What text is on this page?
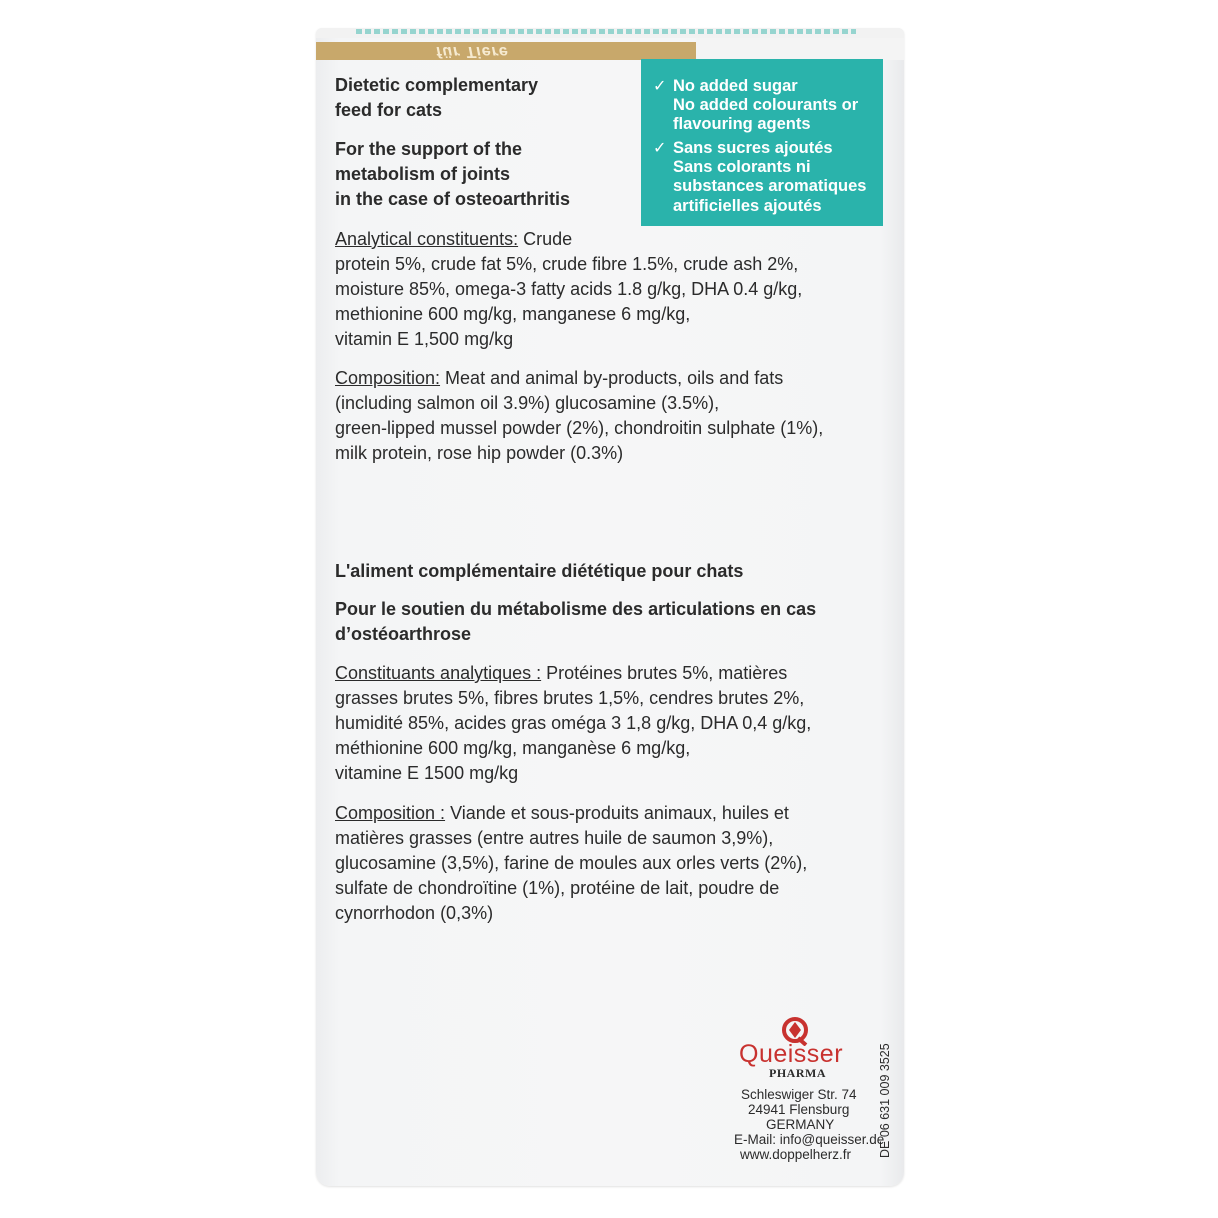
für Tiere
Dietetic complementary
feed for cats
For the support of the
metabolism of joints
in the case of osteoarthritis
✓ No added sugar
No added colourants or
flavouring agents
✓ Sans sucres ajoutés
Sans colorants ni
substances aromatiques
artificielles ajoutés
Analytical constituents: Crude
protein 5%, crude fat 5%, crude fibre 1.5%, crude ash 2%,
moisture 85%, omega-3 fatty acids 1.8 g/kg, DHA 0.4 g/kg,
methionine 600 mg/kg, manganese 6 mg/kg,
vitamin E 1,500 mg/kg
Composition: Meat and animal by-products, oils and fats
(including salmon oil 3.9%) glucosamine (3.5%),
green-lipped mussel powder (2%), chondroitin sulphate (1%),
milk protein, rose hip powder (0.3%)
L'aliment complémentaire diététique pour chats
Pour le soutien du métabolisme des articulations en cas
d’ostéoarthrose
Constituants analytiques : Protéines brutes 5%, matières
grasses brutes 5%, fibres brutes 1,5%, cendres brutes 2%,
humidité 85%, acides gras oméga 3 1,8 g/kg, DHA 0,4 g/kg,
méthionine 600 mg/kg, manganèse 6 mg/kg,
vitamine E 1500 mg/kg
Composition : Viande et sous-produits animaux, huiles et
matières grasses (entre autres huile de saumon 3,9%),
glucosamine (3,5%), farine de moules aux orles verts (2%),
sulfate de chondroïtine (1%), protéine de lait, poudre de
cynorrhodon (0,3%)
Queisser
PHARMA
Schleswiger Str. 74
24941 Flensburg
GERMANY
E-Mail: info@queisser.de
www.doppelherz.fr DE 06 631 009 3525
